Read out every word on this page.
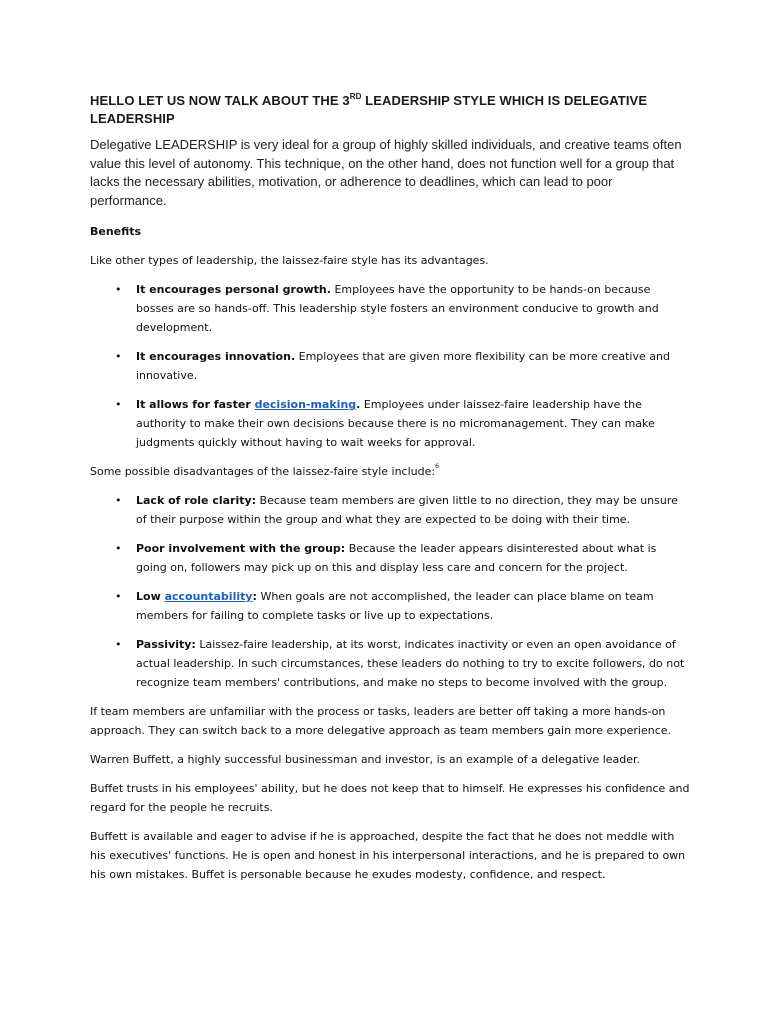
HELLO LET US NOW TALK ABOUT THE 3RD LEADERSHIP STYLE WHICH IS DELEGATIVE LEADERSHIP

Delegative LEADERSHIP is very ideal for a group of highly skilled individuals, and creative teams often value this level of autonomy. This technique, on the other hand, does not function well for a group that lacks the necessary abilities, motivation, or adherence to deadlines, which can lead to poor performance.

Benefits

Like other types of leadership, the laissez-faire style has its advantages.

• It encourages personal growth. Employees have the opportunity to be hands-on because bosses are so hands-off. This leadership style fosters an environment conducive to growth and development.
• It encourages innovation. Employees that are given more flexibility can be more creative and innovative.
• It allows for faster decision-making. Employees under laissez-faire leadership have the authority to make their own decisions because there is no micromanagement. They can make judgments quickly without having to wait weeks for approval.

Some possible disadvantages of the laissez-faire style include:$^6$

• Lack of role clarity: Because team members are given little to no direction, they may be unsure of their purpose within the group and what they are expected to be doing with their time.
• Poor involvement with the group: Because the leader appears disinterested about what is going on, followers may pick up on this and display less care and concern for the project.
• Low accountability: When goals are not accomplished, the leader can place blame on team members for failing to complete tasks or live up to expectations.
• Passivity: Laissez-faire leadership, at its worst, indicates inactivity or even an open avoidance of actual leadership. In such circumstances, these leaders do nothing to try to excite followers, do not recognize team members' contributions, and make no steps to become involved with the group.

If team members are unfamiliar with the process or tasks, leaders are better off taking a more hands-on approach. They can switch back to a more delegative approach as team members gain more experience.

Warren Buffett, a highly successful businessman and investor, is an example of a delegative leader.

Buffet trusts in his employees' ability, but he does not keep that to himself. He expresses his confidence and regard for the people he recruits.

Buffett is available and eager to advise if he is approached, despite the fact that he does not meddle with his executives' functions. He is open and honest in his interpersonal interactions, and he is prepared to own his own mistakes. Buffet is personable because he exudes modesty, confidence, and respect.
